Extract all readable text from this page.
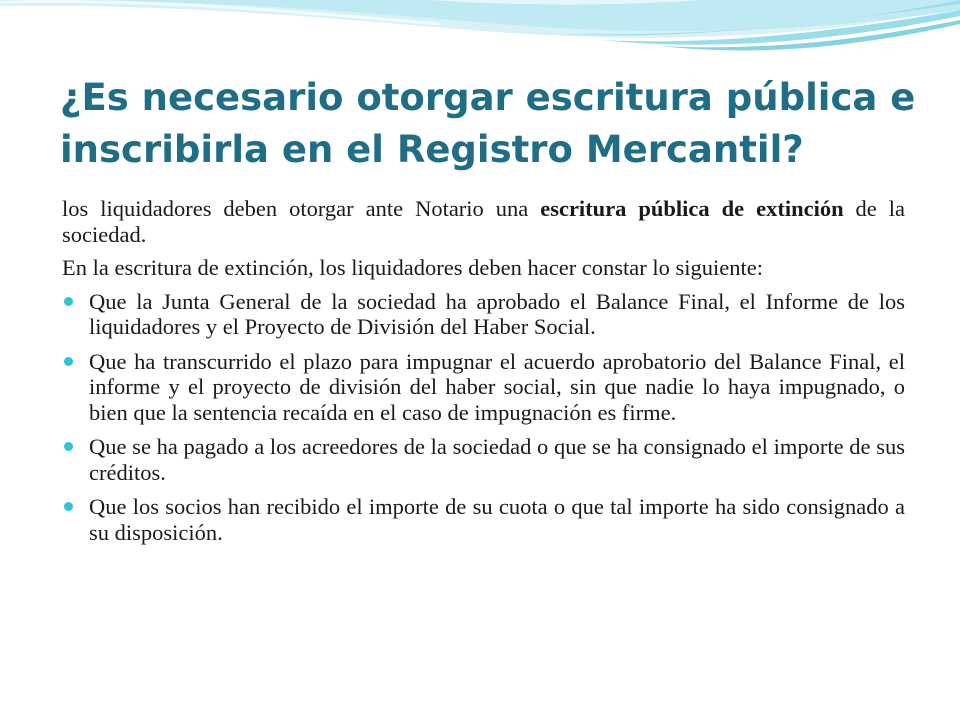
¿Es necesario otorgar escritura pública e inscribirla en el Registro Mercantil?

los liquidadores deben otorgar ante Notario una escritura pública de extinción de la sociedad.

En la escritura de extinción, los liquidadores deben hacer constar lo siguiente:

Que la Junta General de la sociedad ha aprobado el Balance Final, el Informe de los liquidadores y el Proyecto de División del Haber Social.
Que ha transcurrido el plazo para impugnar el acuerdo aprobatorio del Balance Final, el informe y el proyecto de división del haber social, sin que nadie lo haya impugnado, o bien que la sentencia recaída en el caso de impugnación es firme.
Que se ha pagado a los acreedores de la sociedad o que se ha consignado el importe de sus créditos.
Que los socios han recibido el importe de su cuota o que tal importe ha sido consignado a su disposición.
